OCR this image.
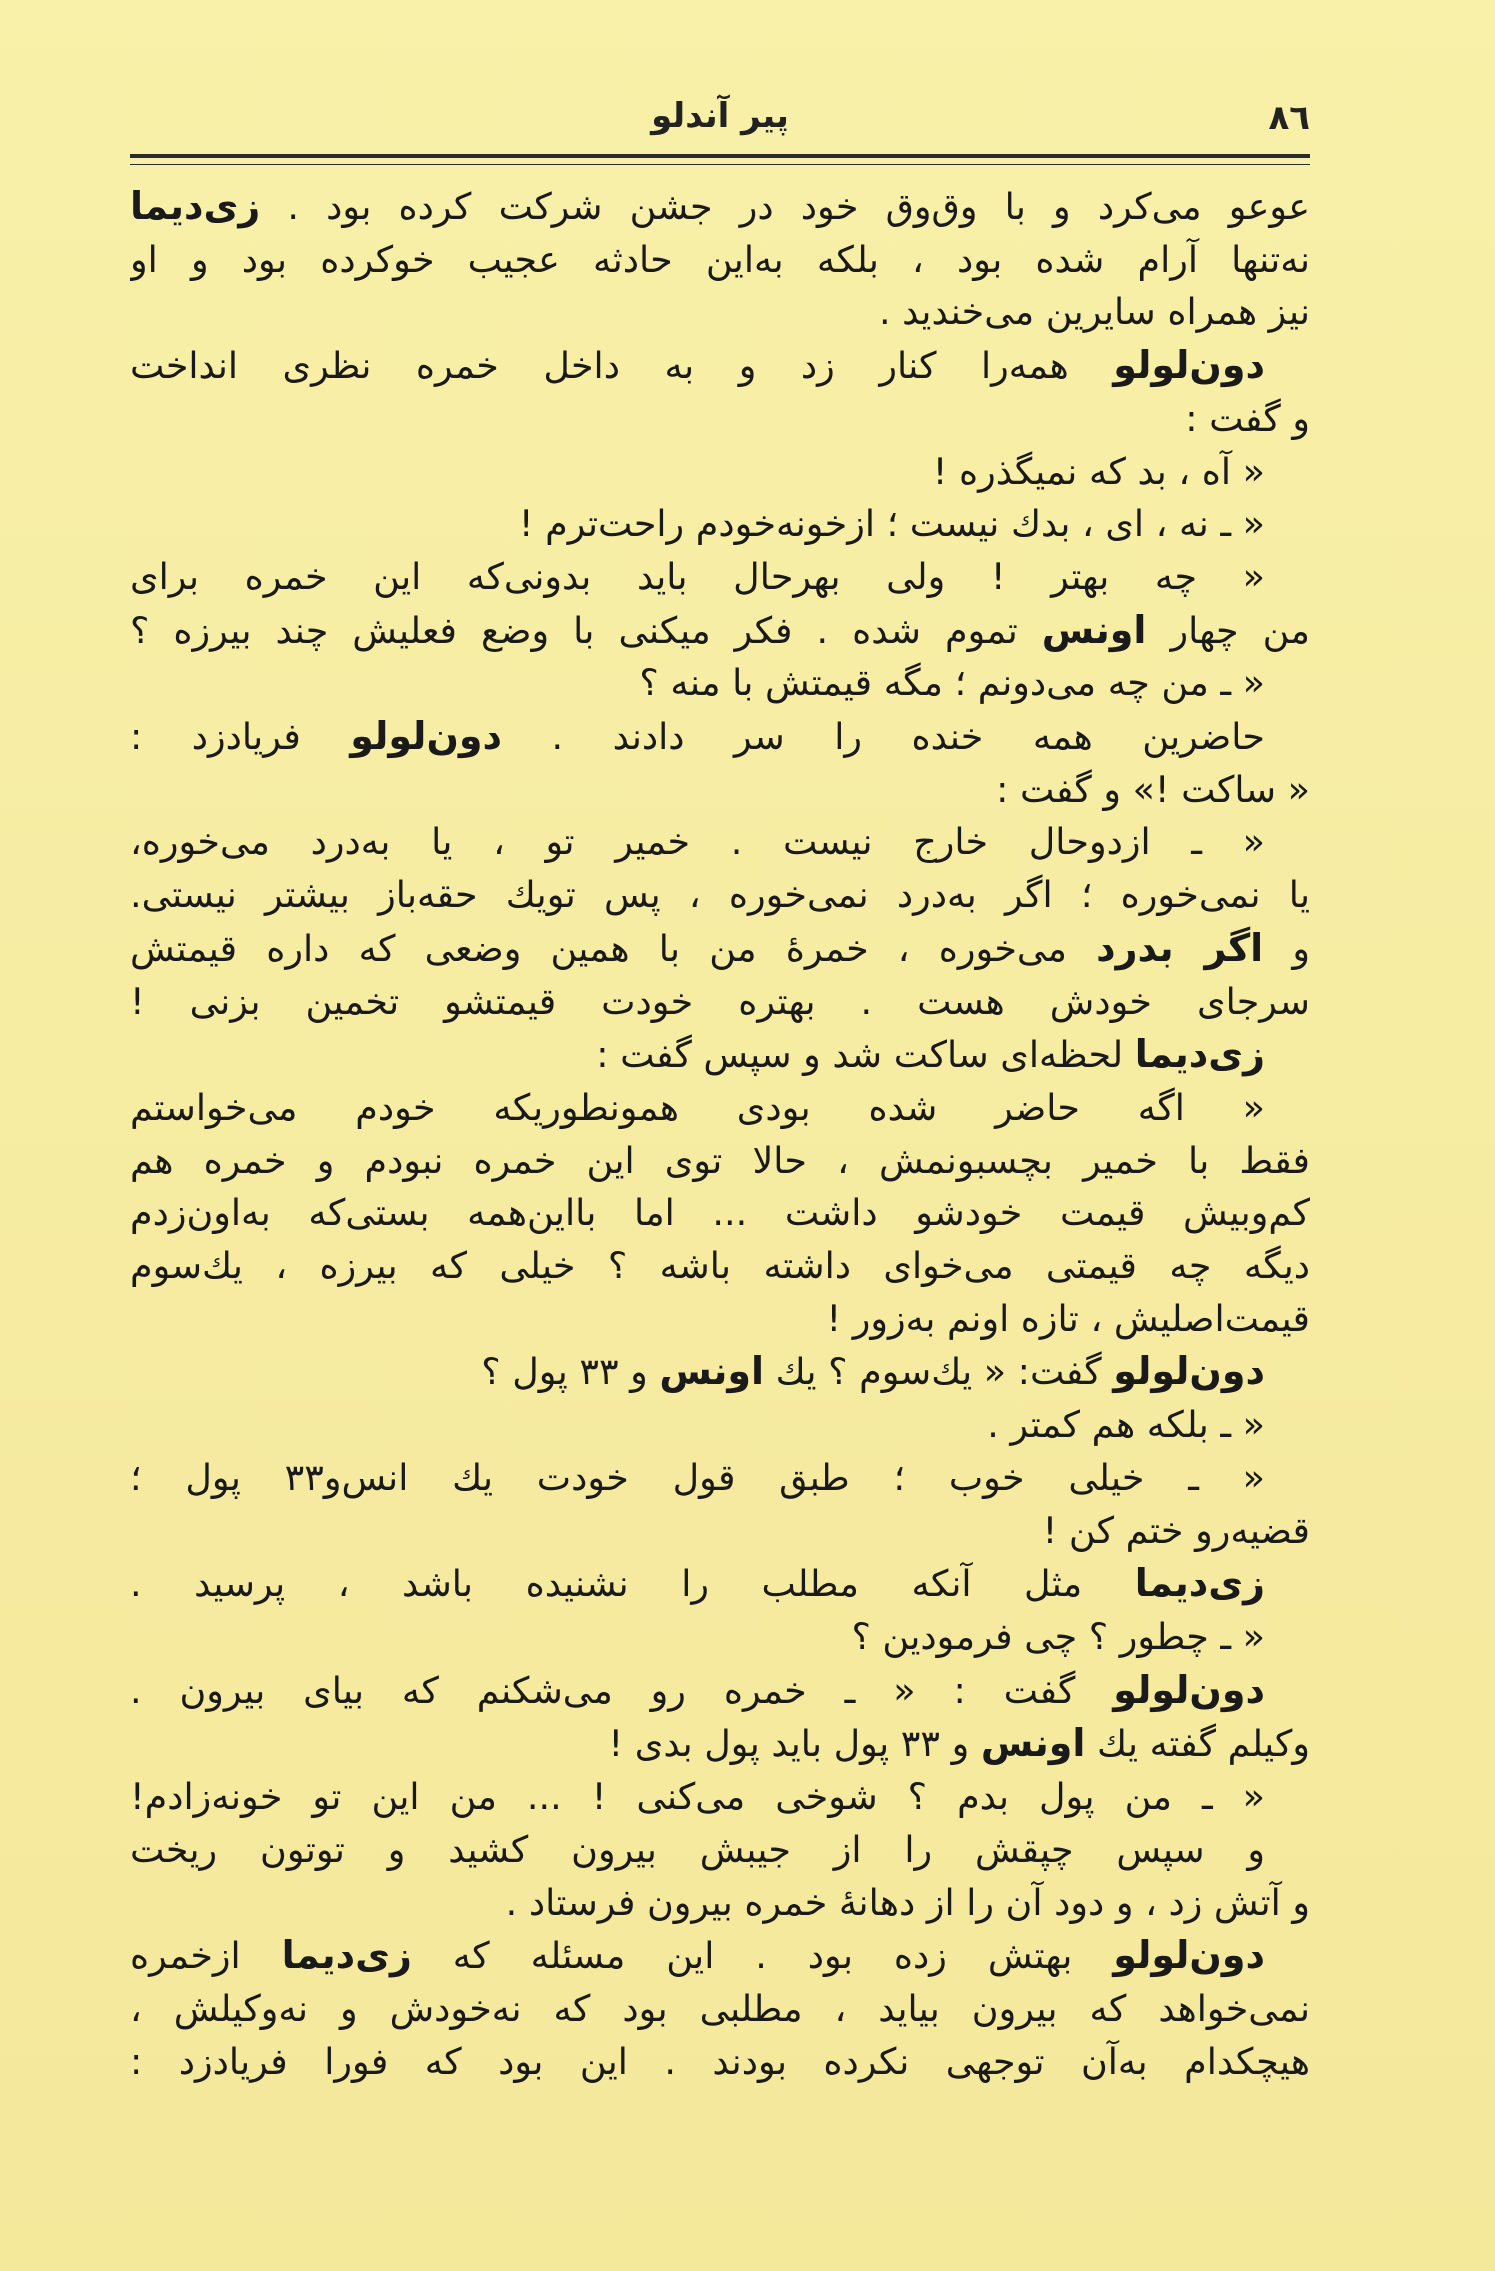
٨٦
پیر آندلو
عوعو می‌کرد و با وق‌وق خود در جشن شرکت کرده بود . زی‌دیما
نه‌تنها آرام شده بود ، بلکه به‌این حادثه عجیب خوکرده بود و او
نیز همراه سایرین می‌خندید .
دون‌لولو همه‌را کنار زد و به داخل خمره نظری انداخت
و گفت :
« آه ، بد که نمیگذره !
« ـ نه ، ای ، بدك نیست ؛ ازخونه‌خودم راحت‌ترم !
« چه بهتر ! ولی بهرحال باید بدونی‌که این خمره برای
من چهار اونس تموم شده . فکر میکنی با وضع فعلیش چند بیرزه ؟
« ـ من چه می‌دونم ؛ مگه قیمتش با منه ؟
حاضرین همه خنده را سر دادند . دون‌لولو فریادزد :
« ساکت !» و گفت :
« ـ ازدوحال خارج نیست . خمیر تو ، یا به‌درد می‌خوره،
یا نمی‌خوره ؛ اگر به‌درد نمی‌خوره ، پس تویك حقه‌باز بیشتر نیستی.
و اگر بدرد می‌خوره ، خمرهٔ من با همین وضعی که داره قیمتش
سرجای خودش هست . بهتره خودت قیمتشو تخمین بزنی !
زی‌دیما لحظه‌ای ساکت شد و سپس گفت :
« اگه حاضر شده بودی همونطوریکه خودم می‌خواستم
فقط با خمیر بچسبونمش ، حالا توی این خمره نبودم و خمره هم
کم‌وبیش قیمت خودشو داشت ... اما بااین‌همه بستی‌که به‌اون‌زدم
دیگه چه قیمتی می‌خوای داشته باشه ؟ خیلی که بیرزه ، یك‌سوم
قیمت‌اصلیش ، تازه اونم به‌زور !
دون‌لولو گفت: « یك‌سوم ؟ یك اونس و ۳۳ پول ؟
« ـ بلکه هم کمتر .
« ـ خیلی خوب ؛ طبق قول خودت یك انس‌و۳۳ پول ؛
قضیه‌رو ختم کن !
زی‌دیما مثل آنکه مطلب را نشنیده باشد ، پرسید .
« ـ چطور ؟ چی فرمودین ؟
دون‌لولو گفت : « ـ خمره رو می‌شکنم که بیای بیرون .
وکیلم گفته یك اونس و ۳۳ پول باید پول بدی !
« ـ من پول بدم ؟ شوخی می‌کنی ! ... من این تو خونه‌زادم!
و سپس چپقش را از جیبش بیرون کشید و توتون ریخت
و آتش زد ، و دود آن را از دهانهٔ خمره بیرون فرستاد .
دون‌لولو بهتش زده بود . این مسئله که زی‌دیما ازخمره
نمی‌خواهد که بیرون بیاید ، مطلبی بود که نه‌خودش و نه‌وکیلش ،
هیچکدام به‌آن توجهی نکرده بودند . این بود که فورا فریادزد :
